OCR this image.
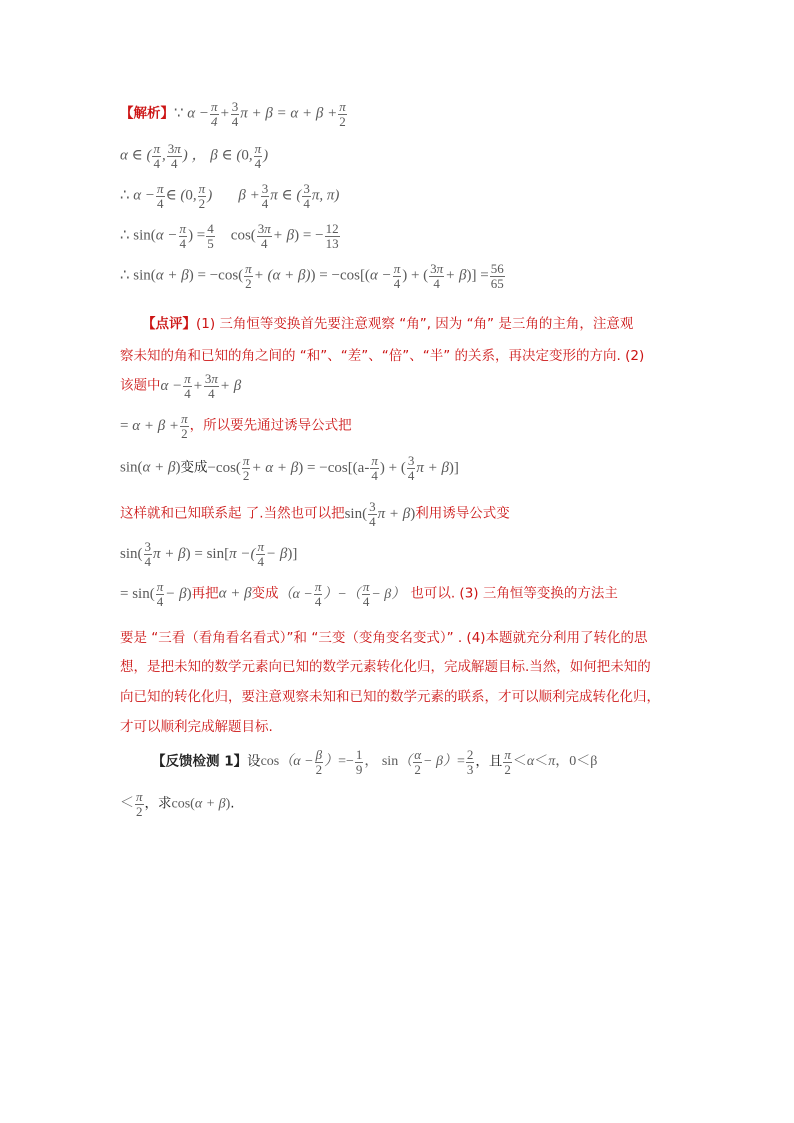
【解析】∵ $\alpha - \frac{\pi}{4} + \frac{3}{4}$ $\pi + \beta = \alpha + \beta + \frac{\pi}{2}$
α ∈ ( $\frac{\pi}{4}$ , $\frac{3\pi}{4}$ ) ， β ∈ (0, $\frac{\pi}{4}$ )
∴ $\alpha - \frac{\pi}{4}$ ∈ (0, $\frac{\pi}{2}$ )       $\beta + \frac{3}{4}$ π ∈ ( $\frac{3}{4} \pi$, π)
∴ $\sin(\alpha - \frac{\pi}{4}$ ) = $\frac{4}{5} \cos( \frac{3\pi}{4} + \beta)$ = − $\frac{12}{13}$
∴ $\sin(\alpha + \beta) = -\cos( \frac{\pi}{2} + (\alpha + \beta)) = -\cos[(\alpha - \frac{\pi}{4}$ ) + ( $\frac{3\pi}{4} + \beta)] = \frac{56}{65}$
【点评】(1) 三角恒等变换首先要注意观察 “角”, 因为 “角” 是三角的主角，注意观
察未知的角和已知的角之间的 “和”、“差”、“倍”、“半” 的关系，再决定变形的方向. (2)
该题中$\alpha - \frac{\pi}{4} + \frac{3\pi}{4} + \beta$
= $\alpha + \beta + \frac{\pi}{2}$ ，所以要先通过诱导公式把
sin(α + β)变成$-\cos( \frac{\pi}{2} + \alpha + \beta) = -\cos[(a- \frac{\pi}{4}$ ) + ( $\frac{3}{4}$ π + β)]
这样就和已知联系起 了.当然也可以把$\sin( \frac{3}{4}$ π + β)利用诱导公式变
$\sin( \frac{3}{4}$ π + β) = sin[π −( $\frac{\pi}{4} - \beta$)]
= $\sin( \frac{\pi}{4} - \beta)$再把α + β变成（$\alpha - \frac{\pi}{4}$ ）−（ $\frac{\pi}{4} - \beta$） 也可以. (3) 三角恒等变换的方法主
要是 “三看（看角看名看式）”和 “三变（变角变名变式）” . (4)本题就充分利用了转化的思
想，是把未知的数学元素向已知的数学元素转化化归，完成解题目标.当然，如何把未知的
向已知的转化化归，要注意观察未知和已知的数学元素的联系，才可以顺利完成转化化归，
才可以顺利完成解题目标.
【反馈检测 1】设$\cos(\alpha - \frac{\beta}{2}$ ）=− $\frac{1}{9}$ ， $\sin( \frac{\alpha}{2} - \beta)= \frac{2}{3}$ ，且 $\frac{\pi}{2} <\alpha<\pi$，0＜β
＜ $\frac{\pi}{2}$ ，求cos(α + β).
